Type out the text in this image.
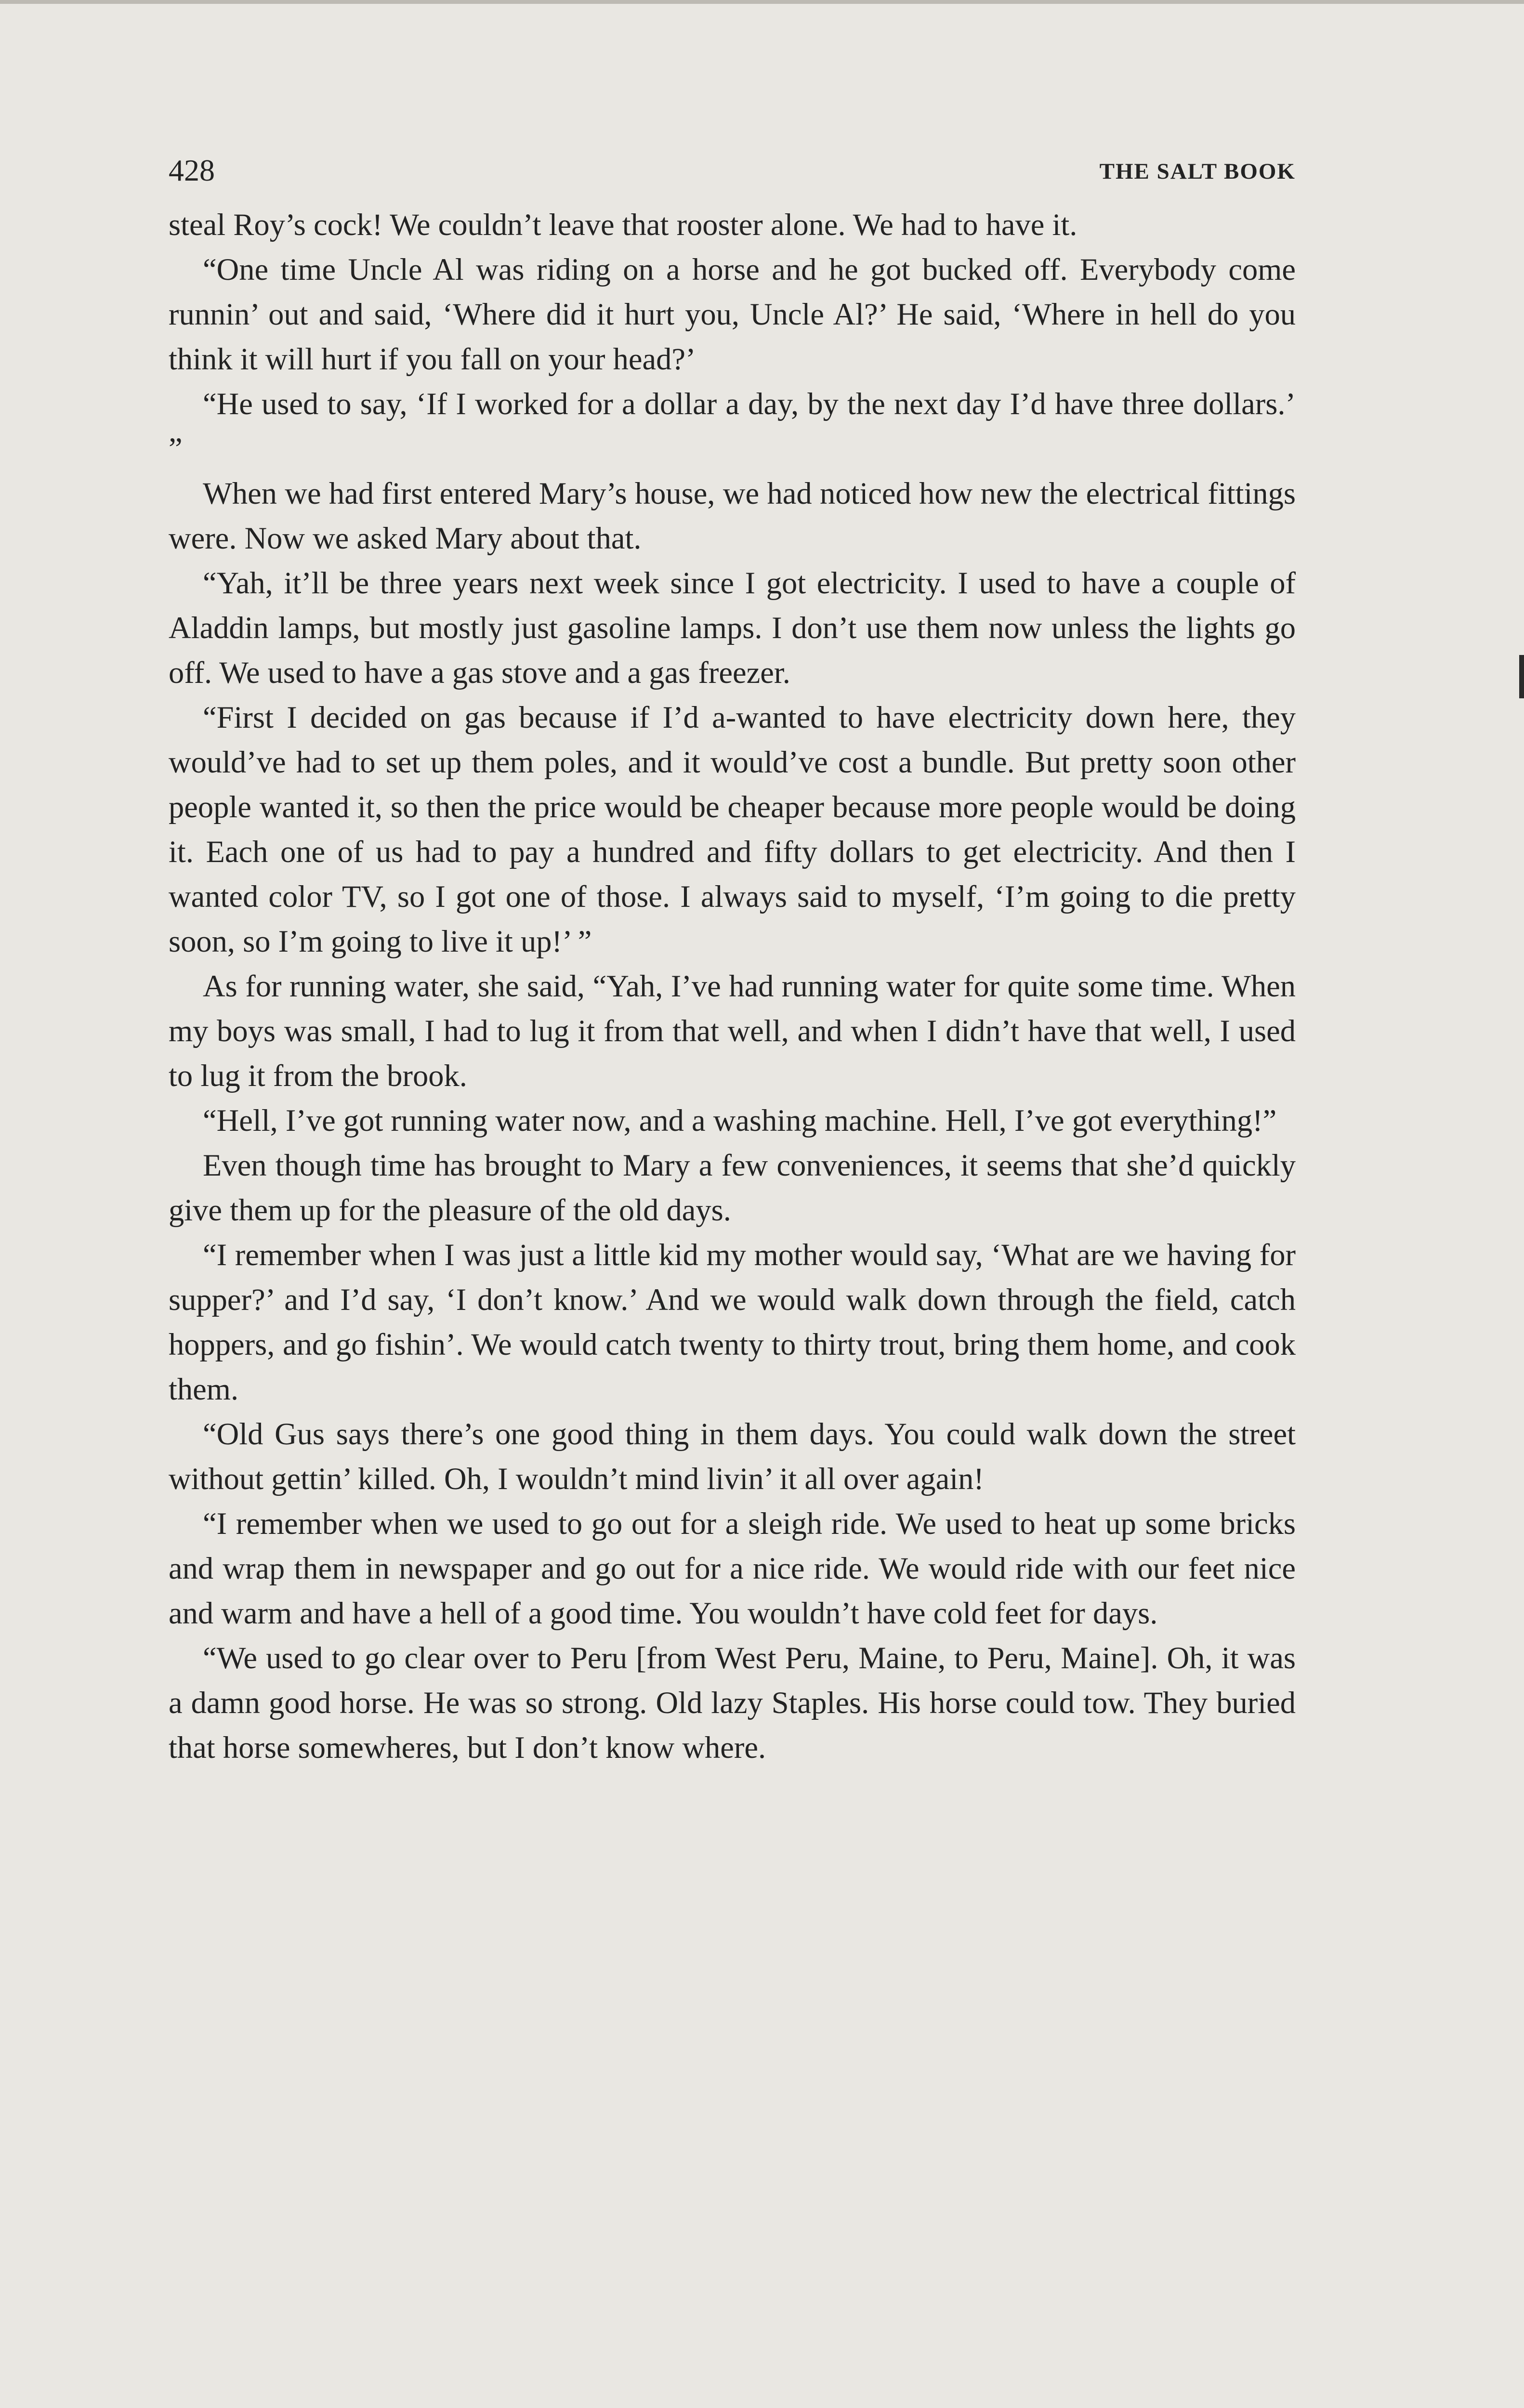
428	THE SALT BOOK

steal Roy’s cock! We couldn’t leave that rooster alone. We had to have it.

“One time Uncle Al was riding on a horse and he got bucked off. Everybody come runnin’ out and said, ‘Where did it hurt you, Uncle Al?’ He said, ‘Where in hell do you think it will hurt if you fall on your head?’

“He used to say, ‘If I worked for a dollar a day, by the next day I’d have three dollars.’ ”

When we had first entered Mary’s house, we had noticed how new the electrical fittings were. Now we asked Mary about that.

“Yah, it’ll be three years next week since I got electricity. I used to have a couple of Aladdin lamps, but mostly just gasoline lamps. I don’t use them now unless the lights go off. We used to have a gas stove and a gas freezer.

“First I decided on gas because if I’d a-wanted to have electricity down here, they would’ve had to set up them poles, and it would’ve cost a bundle. But pretty soon other people wanted it, so then the price would be cheaper because more people would be doing it. Each one of us had to pay a hundred and fifty dollars to get electricity. And then I wanted color TV, so I got one of those. I always said to myself, ‘I’m going to die pretty soon, so I’m going to live it up!’ ”

As for running water, she said, “Yah, I’ve had running water for quite some time. When my boys was small, I had to lug it from that well, and when I didn’t have that well, I used to lug it from the brook.

“Hell, I’ve got running water now, and a washing machine. Hell, I’ve got everything!”

Even though time has brought to Mary a few conveniences, it seems that she’d quickly give them up for the pleasure of the old days.

“I remember when I was just a little kid my mother would say, ‘What are we having for supper?’ and I’d say, ‘I don’t know.’ And we would walk down through the field, catch hoppers, and go fishin’. We would catch twenty to thirty trout, bring them home, and cook them.

“Old Gus says there’s one good thing in them days. You could walk down the street without gettin’ killed. Oh, I wouldn’t mind livin’ it all over again!

“I remember when we used to go out for a sleigh ride. We used to heat up some bricks and wrap them in newspaper and go out for a nice ride. We would ride with our feet nice and warm and have a hell of a good time. You wouldn’t have cold feet for days.

“We used to go clear over to Peru [from West Peru, Maine, to Peru, Maine]. Oh, it was a damn good horse. He was so strong. Old lazy Staples. His horse could tow. They buried that horse somewheres, but I don’t know where.
